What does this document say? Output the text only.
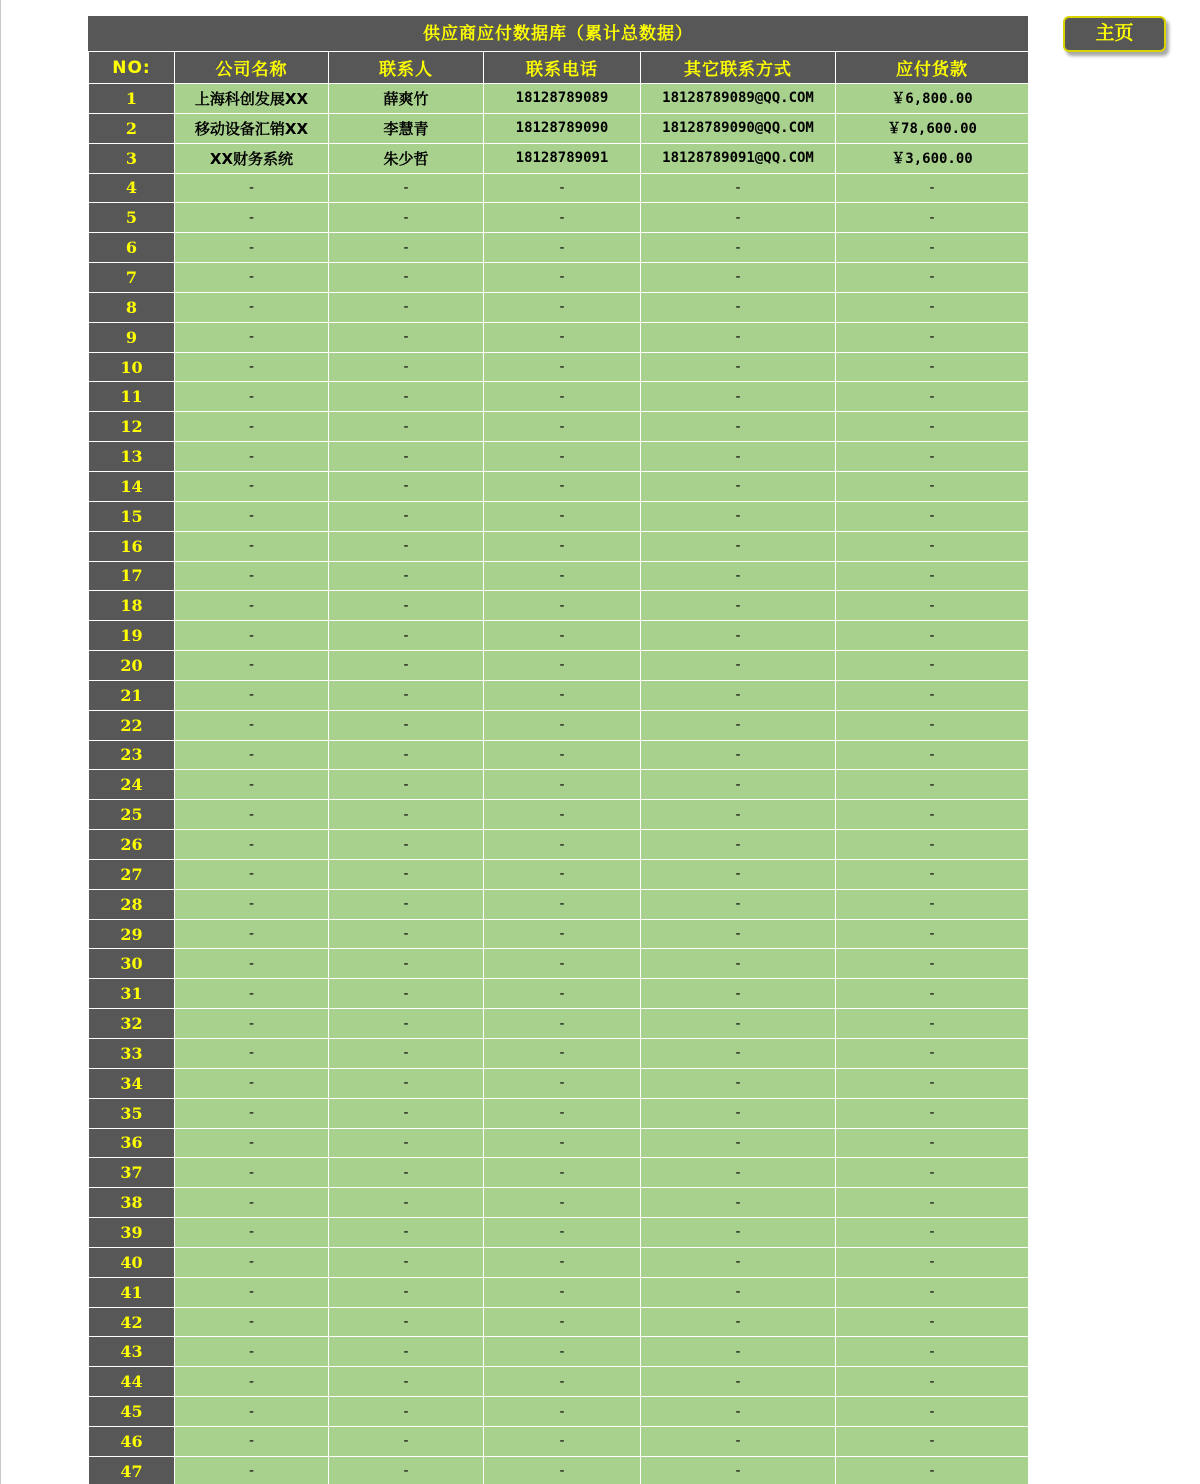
供应商应付数据库（累计总数据）
NO:	公司名称	联系人	联系电话	其它联系方式	应付货款
1	上海科创发展XX	薛爽竹	18128789089	18128789089@QQ.COM	￥6,800.00
2	移动设备汇销XX	李慧青	18128789090	18128789090@QQ.COM	￥78,600.00
3	XX财务系统	朱少哲	18128789091	18128789091@QQ.COM	￥3,600.00
4	-	-	-	-	-
5	-	-	-	-	-
6	-	-	-	-	-
7	-	-	-	-	-
8	-	-	-	-	-
9	-	-	-	-	-
10	-	-	-	-	-
11	-	-	-	-	-
12	-	-	-	-	-
13	-	-	-	-	-
14	-	-	-	-	-
15	-	-	-	-	-
16	-	-	-	-	-
17	-	-	-	-	-
18	-	-	-	-	-
19	-	-	-	-	-
20	-	-	-	-	-
21	-	-	-	-	-
22	-	-	-	-	-
23	-	-	-	-	-
24	-	-	-	-	-
25	-	-	-	-	-
26	-	-	-	-	-
27	-	-	-	-	-
28	-	-	-	-	-
29	-	-	-	-	-
30	-	-	-	-	-
31	-	-	-	-	-
32	-	-	-	-	-
33	-	-	-	-	-
34	-	-	-	-	-
35	-	-	-	-	-
36	-	-	-	-	-
37	-	-	-	-	-
38	-	-	-	-	-
39	-	-	-	-	-
40	-	-	-	-	-
41	-	-	-	-	-
42	-	-	-	-	-
43	-	-	-	-	-
44	-	-	-	-	-
45	-	-	-	-	-
46	-	-	-	-	-
47	-	-	-	-	-
主页
